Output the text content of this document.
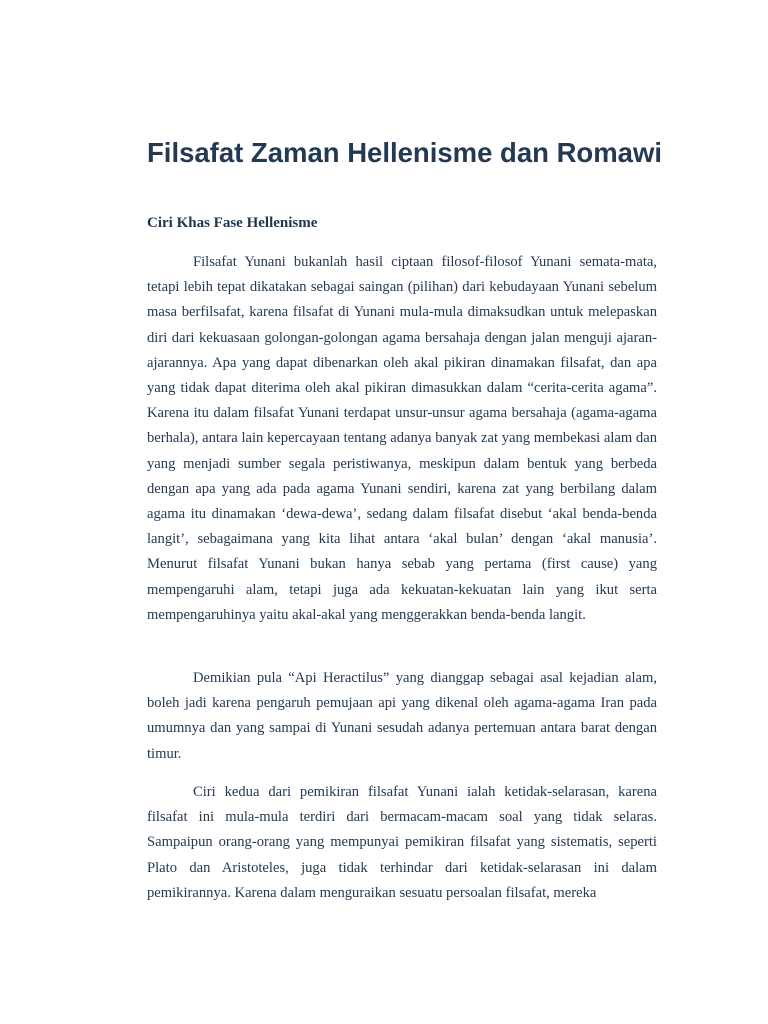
Filsafat Zaman Hellenisme dan Romawi
Ciri Khas Fase Hellenisme

Filsafat Yunani bukanlah hasil ciptaan filosof-filosof Yunani semata-mata, tetapi lebih tepat dikatakan sebagai saingan (pilihan) dari kebudayaan Yunani sebelum masa berfilsafat, karena filsafat di Yunani mula-mula dimaksudkan untuk melepaskan diri dari kekuasaan golongan-golongan agama bersahaja dengan jalan menguji ajaran-ajarannya. Apa yang dapat dibenarkan oleh akal pikiran dinamakan filsafat, dan apa yang tidak dapat diterima oleh akal pikiran dimasukkan dalam “cerita-cerita agama”. Karena itu dalam filsafat Yunani terdapat unsur-unsur agama bersahaja (agama-agama berhala), antara lain kepercayaan tentang adanya banyak zat yang membekasi alam dan yang menjadi sumber segala peristiwanya, meskipun dalam bentuk yang berbeda dengan apa yang ada pada agama Yunani sendiri, karena zat yang berbilang dalam agama itu dinamakan ‘dewa-dewa’, sedang dalam filsafat disebut ‘akal benda-benda langit’, sebagaimana yang kita lihat antara ‘akal bulan’ dengan ‘akal manusia’. Menurut filsafat Yunani bukan hanya sebab yang pertama (first cause) yang mempengaruhi alam, tetapi juga ada kekuatan-kekuatan lain yang ikut serta mempengaruhinya yaitu akal-akal yang menggerakkan benda-benda langit.

Demikian pula “Api Heractilus” yang dianggap sebagai asal kejadian alam, boleh jadi karena pengaruh pemujaan api yang dikenal oleh agama-agama Iran pada umumnya dan yang sampai di Yunani sesudah adanya pertemuan antara barat dengan timur.

Ciri kedua dari pemikiran filsafat Yunani ialah ketidak-selarasan, karena filsafat ini mula-mula terdiri dari bermacam-macam soal yang tidak selaras. Sampaipun orang-orang yang mempunyai pemikiran filsafat yang sistematis, seperti Plato dan Aristoteles, juga tidak terhindar dari ketidak-selarasan ini dalam pemikirannya. Karena dalam menguraikan sesuatu persoalan filsafat, mereka
